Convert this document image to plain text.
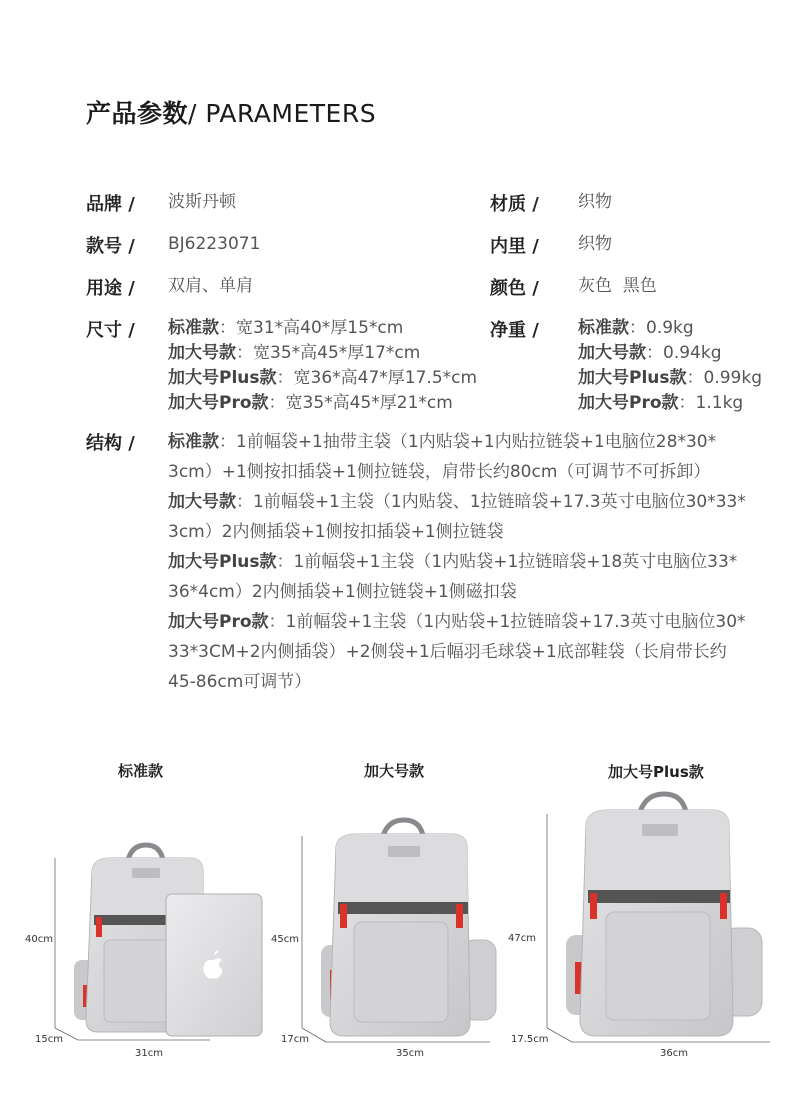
产品参数/ PARAMETERS
品牌 / 波斯丹顿
款号 / BJ6223071
用途 / 双肩、单肩
尺寸 / 标准款：宽31*高40*厚15*cm
加大号款：宽35*高45*厚17*cm
加大号Plus款：宽36*高47*厚17.5*cm
加大号Pro款：宽35*高45*厚21*cm
材质 / 织物
内里 / 织物
颜色 / 灰色  黑色
净重 / 标准款：0.9kg
加大号款：0.94kg
加大号Plus款：0.99kg
加大号Pro款：1.1kg
结构 / 标准款：1前幅袋+1抽带主袋（1内贴袋+1内贴拉链袋+1电脑位28*30*
3cm）+1侧按扣插袋+1侧拉链袋，肩带长约80cm（可调节不可拆卸）
加大号款：1前幅袋+1主袋（1内贴袋、1拉链暗袋+17.3英寸电脑位30*33*
3cm）2内侧插袋+1侧按扣插袋+1侧拉链袋
加大号Plus款：1前幅袋+1主袋（1内贴袋+1拉链暗袋+18英寸电脑位33*
36*4cm）2内侧插袋+1侧拉链袋+1侧磁扣袋
加大号Pro款：1前幅袋+1主袋（1内贴袋+1拉链暗袋+17.3英寸电脑位30*
33*3CM+2内侧插袋）+2侧袋+1后幅羽毛球袋+1底部鞋袋（长肩带长约
45-86cm可调节）
标准款	加大号款	加大号Plus款
40cm
15cm
31cm
45cm
17cm
35cm
47cm
17.5cm
36cm
